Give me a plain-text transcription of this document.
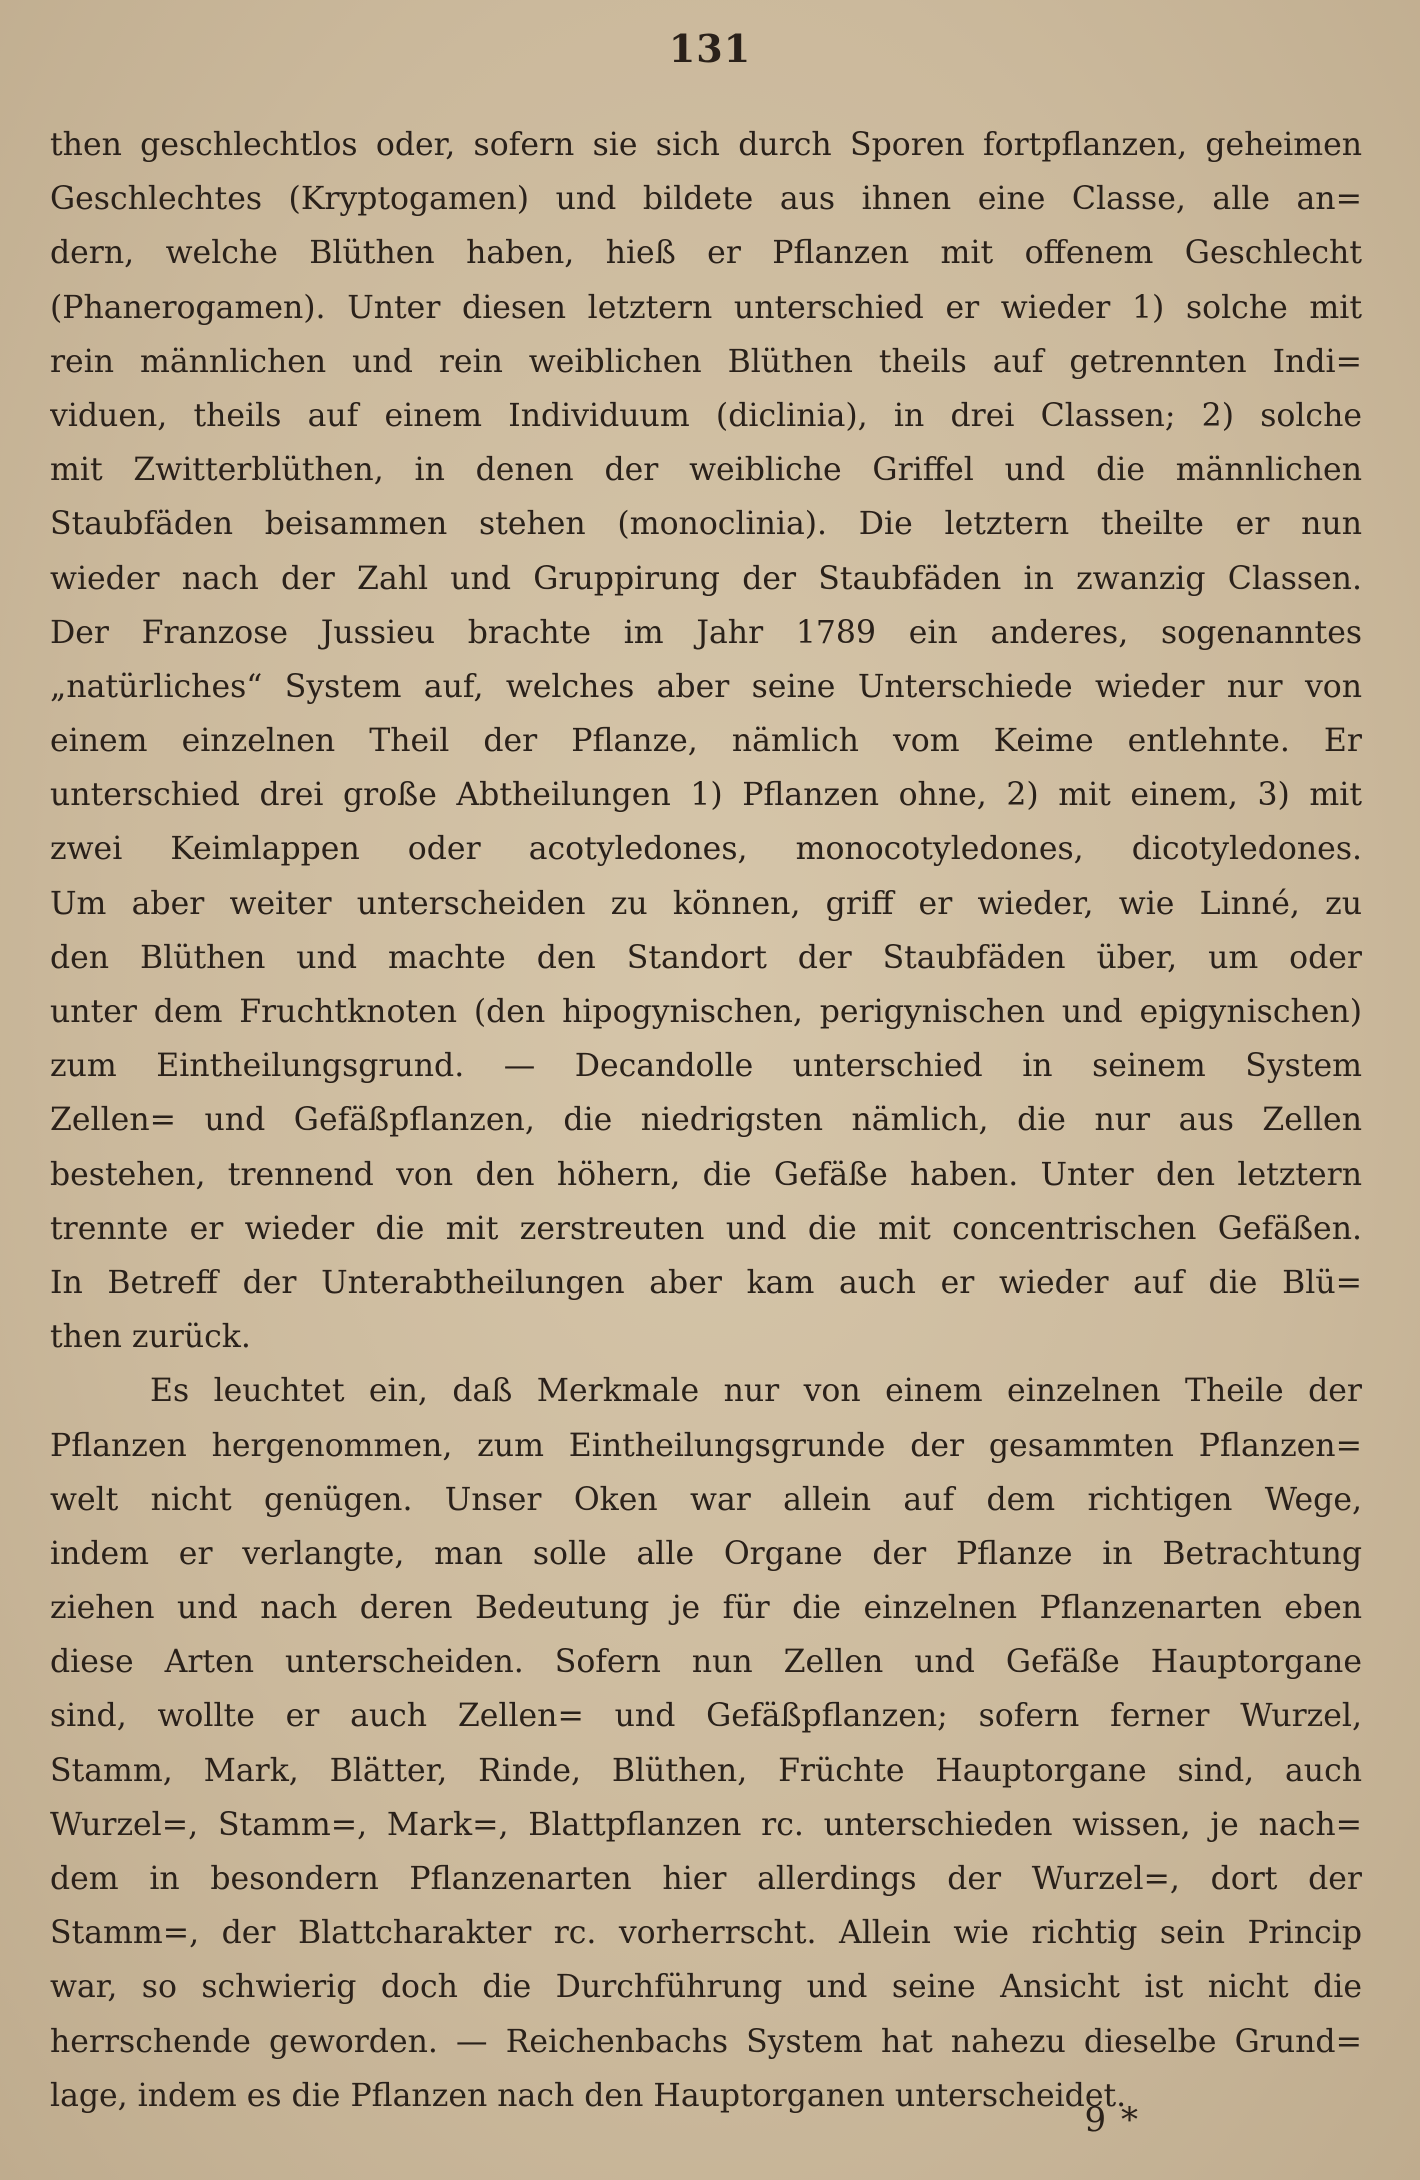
131
then geschlechtlos oder, sofern sie sich durch Sporen fortpflanzen, geheimen
Geschlechtes (Kryptogamen) und bildete aus ihnen eine Classe, alle an=
dern, welche Blüthen haben, hieß er Pflanzen mit offenem Geschlecht
(Phanerogamen). Unter diesen letztern unterschied er wieder 1) solche mit
rein männlichen und rein weiblichen Blüthen theils auf getrennten Indi=
viduen, theils auf einem Individuum (diclinia), in drei Classen; 2) solche
mit Zwitterblüthen, in denen der weibliche Griffel und die männlichen
Staubfäden beisammen stehen (monoclinia). Die letztern theilte er nun
wieder nach der Zahl und Gruppirung der Staubfäden in zwanzig Classen.
Der Franzose Jussieu brachte im Jahr 1789 ein anderes, sogenanntes
„natürliches“ System auf, welches aber seine Unterschiede wieder nur von
einem einzelnen Theil der Pflanze, nämlich vom Keime entlehnte. Er
unterschied drei große Abtheilungen 1) Pflanzen ohne, 2) mit einem, 3) mit
zwei Keimlappen oder acotyledones, monocotyledones, dicotyledones.
Um aber weiter unterscheiden zu können, griff er wieder, wie Linné, zu
den Blüthen und machte den Standort der Staubfäden über, um oder
unter dem Fruchtknoten (den hipogynischen, perigynischen und epigynischen)
zum Eintheilungsgrund. — Decandolle unterschied in seinem System
Zellen= und Gefäßpflanzen, die niedrigsten nämlich, die nur aus Zellen
bestehen, trennend von den höhern, die Gefäße haben. Unter den letztern
trennte er wieder die mit zerstreuten und die mit concentrischen Gefäßen.
In Betreff der Unterabtheilungen aber kam auch er wieder auf die Blü=
then zurück.
Es leuchtet ein, daß Merkmale nur von einem einzelnen Theile der
Pflanzen hergenommen, zum Eintheilungsgrunde der gesammten Pflanzen=
welt nicht genügen. Unser Oken war allein auf dem richtigen Wege,
indem er verlangte, man solle alle Organe der Pflanze in Betrachtung
ziehen und nach deren Bedeutung je für die einzelnen Pflanzenarten eben
diese Arten unterscheiden. Sofern nun Zellen und Gefäße Hauptorgane
sind, wollte er auch Zellen= und Gefäßpflanzen; sofern ferner Wurzel,
Stamm, Mark, Blätter, Rinde, Blüthen, Früchte Hauptorgane sind, auch
Wurzel=, Stamm=, Mark=, Blattpflanzen rc. unterschieden wissen, je nach=
dem in besondern Pflanzenarten hier allerdings der Wurzel=, dort der
Stamm=, der Blattcharakter rc. vorherrscht. Allein wie richtig sein Princip
war, so schwierig doch die Durchführung und seine Ansicht ist nicht die
herrschende geworden. — Reichenbachs System hat nahezu dieselbe Grund=
lage, indem es die Pflanzen nach den Hauptorganen unterscheidet.
9 *
